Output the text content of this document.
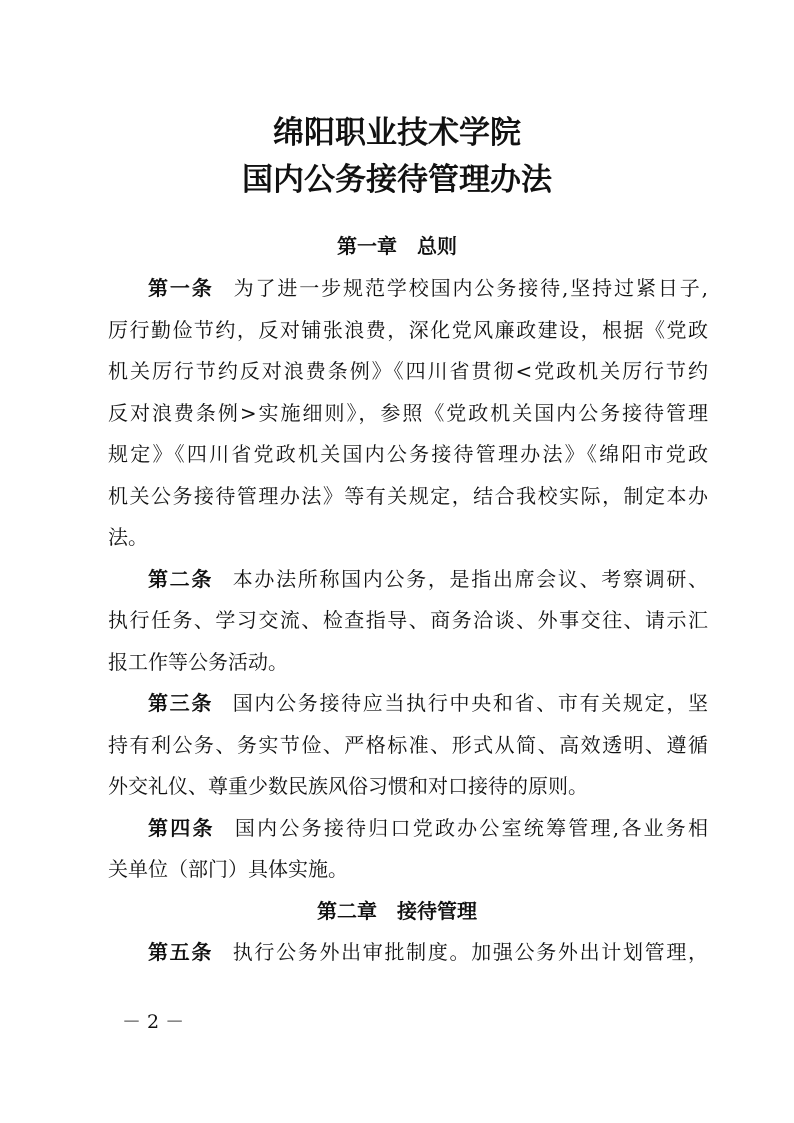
绵阳职业技术学院
国内公务接待管理办法
第一章 总则
第一条 为了进一步规范学校国内公务接待,坚持过紧日子,
厉行勤俭节约，反对铺张浪费，深化党风廉政建设，根据《党政
机关厉行节约反对浪费条例》《四川省贯彻<党政机关厉行节约
反对浪费条例>实施细则》，参照《党政机关国内公务接待管理
规定》《四川省党政机关国内公务接待管理办法》《绵阳市党政
机关公务接待管理办法》等有关规定，结合我校实际，制定本办
法。
第二条 本办法所称国内公务，是指出席会议、考察调研、
执行任务、学习交流、检查指导、商务洽谈、外事交往、请示汇
报工作等公务活动。
第三条 国内公务接待应当执行中央和省、市有关规定，坚
持有利公务、务实节俭、严格标准、形式从简、高效透明、遵循
外交礼仪、尊重少数民族风俗习惯和对口接待的原则。
第四条 国内公务接待归口党政办公室统筹管理,各业务相
关单位（部门）具体实施。
第二章 接待管理
第五条 执行公务外出审批制度。加强公务外出计划管理，
－ 2 －
